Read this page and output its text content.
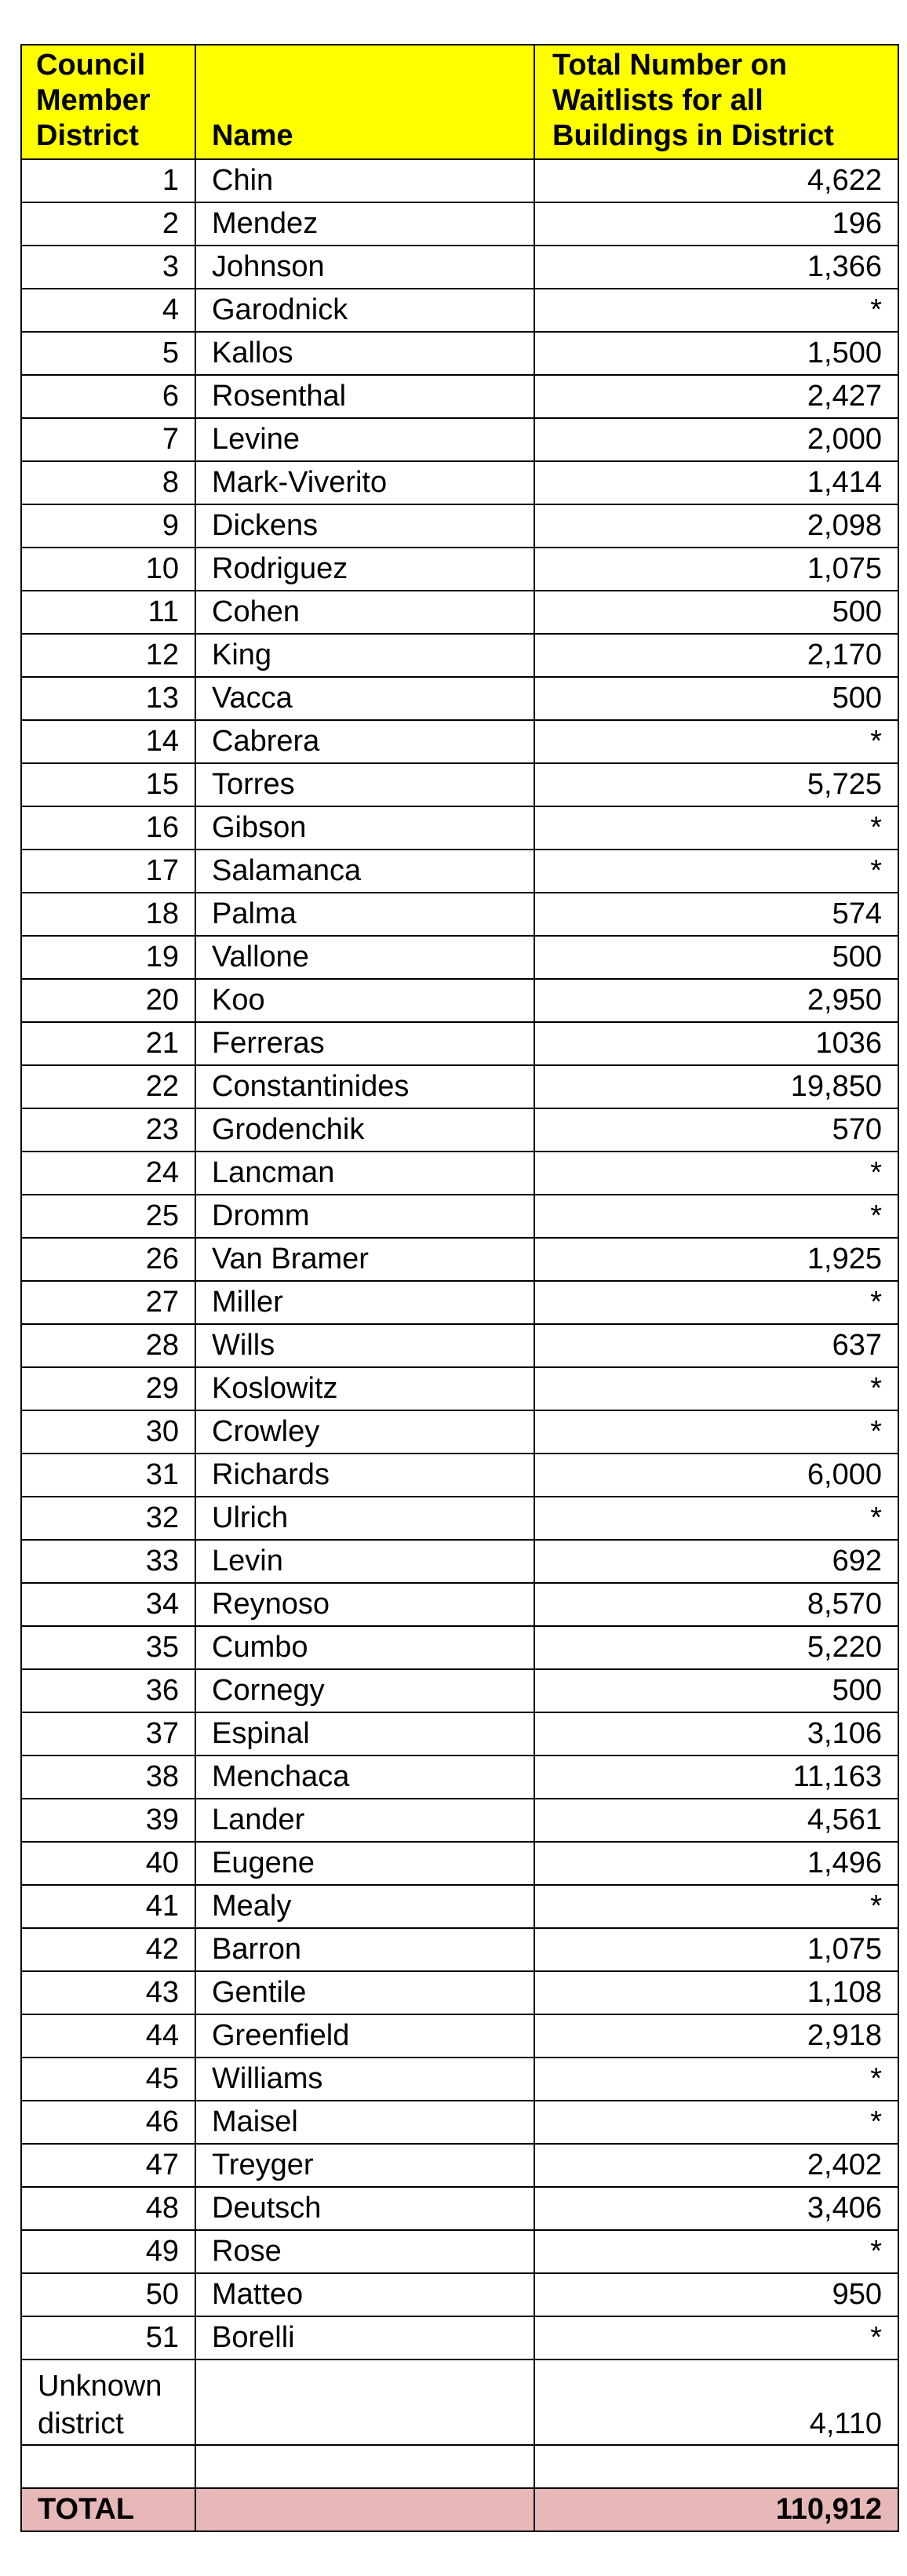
Council Member District	Name	Total Number on Waitlists for all Buildings in District
1	Chin	4,622
2	Mendez	196
3	Johnson	1,366
4	Garodnick	*
5	Kallos	1,500
6	Rosenthal	2,427
7	Levine	2,000
8	Mark-Viverito	1,414
9	Dickens	2,098
10	Rodriguez	1,075
11	Cohen	500
12	King	2,170
13	Vacca	500
14	Cabrera	*
15	Torres	5,725
16	Gibson	*
17	Salamanca	*
18	Palma	574
19	Vallone	500
20	Koo	2,950
21	Ferreras	1036
22	Constantinides	19,850
23	Grodenchik	570
24	Lancman	*
25	Dromm	*
26	Van Bramer	1,925
27	Miller	*
28	Wills	637
29	Koslowitz	*
30	Crowley	*
31	Richards	6,000
32	Ulrich	*
33	Levin	692
34	Reynoso	8,570
35	Cumbo	5,220
36	Cornegy	500
37	Espinal	3,106
38	Menchaca	11,163
39	Lander	4,561
40	Eugene	1,496
41	Mealy	*
42	Barron	1,075
43	Gentile	1,108
44	Greenfield	2,918
45	Williams	*
46	Maisel	*
47	Treyger	2,402
48	Deutsch	3,406
49	Rose	*
50	Matteo	950
51	Borelli	*
Unknown district		4,110

TOTAL		110,912
